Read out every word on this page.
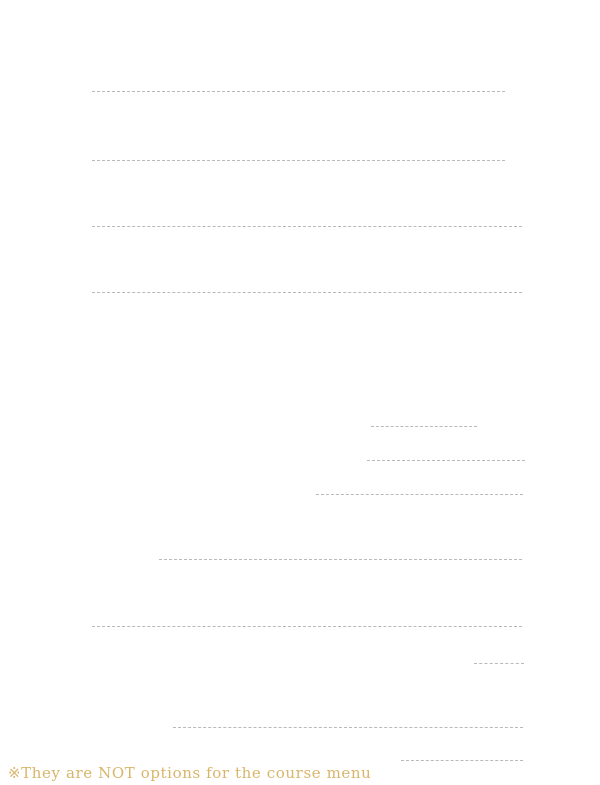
※They are NOT options for the course menu
